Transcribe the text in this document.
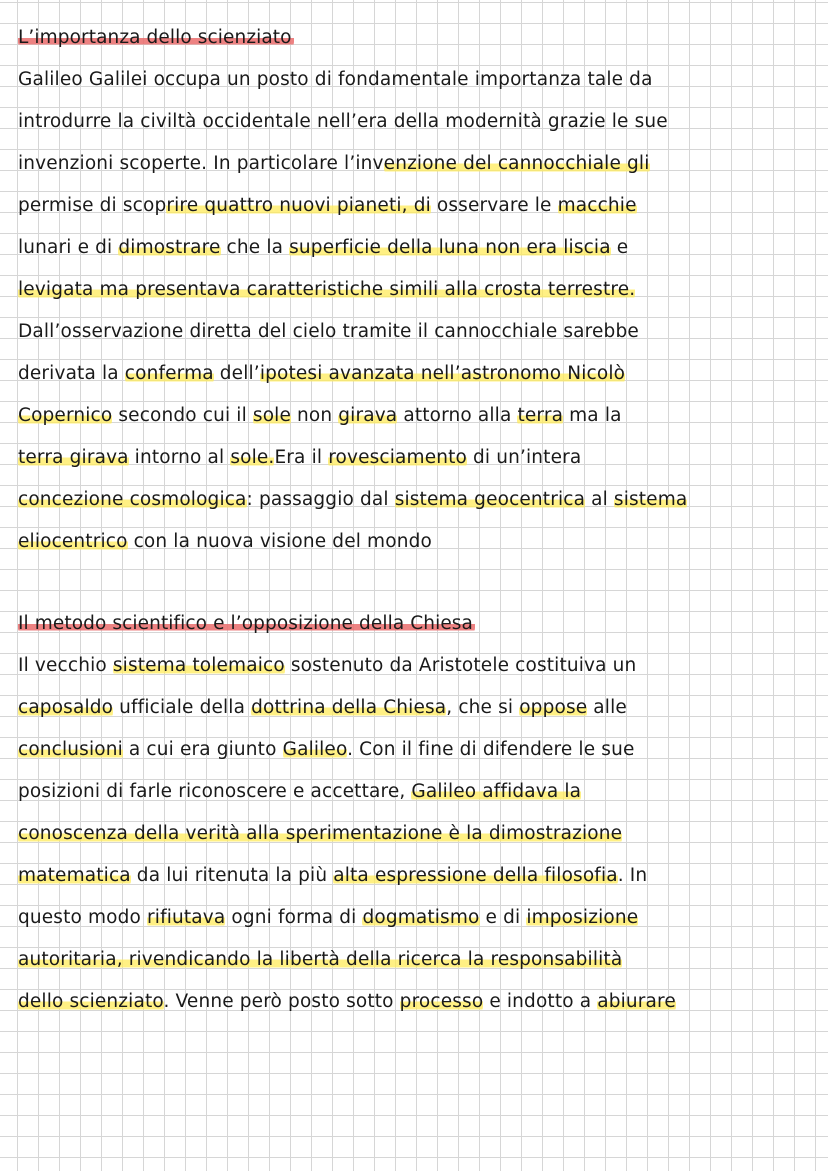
L’importanza dello scienziato
Galileo Galilei occupa un posto di fondamentale importanza tale da
introdurre la civiltà occidentale nell’era della modernità grazie le sue
invenzioni scoperte. In particolare l’invenzione del cannocchiale gli
permise di scoprire quattro nuovi pianeti, di osservare le macchie
lunari e di dimostrare che la superficie della luna non era liscia e
levigata ma presentava caratteristiche simili alla crosta terrestre.
Dall’osservazione diretta del cielo tramite il cannocchiale sarebbe
derivata la conferma dell’ipotesi avanzata nell’astronomo Nicolò
Copernico secondo cui il sole non girava attorno alla terra ma la
terra girava intorno al sole.Era il rovesciamento di un’intera
concezione cosmologica: passaggio dal sistema geocentrica al sistema
eliocentrico con la nuova visione del mondo
Il metodo scientifico e l’opposizione della Chiesa
Il vecchio sistema tolemaico sostenuto da Aristotele costituiva un
caposaldo ufficiale della dottrina della Chiesa, che si oppose alle
conclusioni a cui era giunto Galileo. Con il fine di difendere le sue
posizioni di farle riconoscere e accettare, Galileo affidava la
conoscenza della verità alla sperimentazione è la dimostrazione
matematica da lui ritenuta la più alta espressione della filosofia. In
questo modo rifiutava ogni forma di dogmatismo e di imposizione
autoritaria, rivendicando la libertà della ricerca la responsabilità
dello scienziato. Venne però posto sotto processo e indotto a abiurare
